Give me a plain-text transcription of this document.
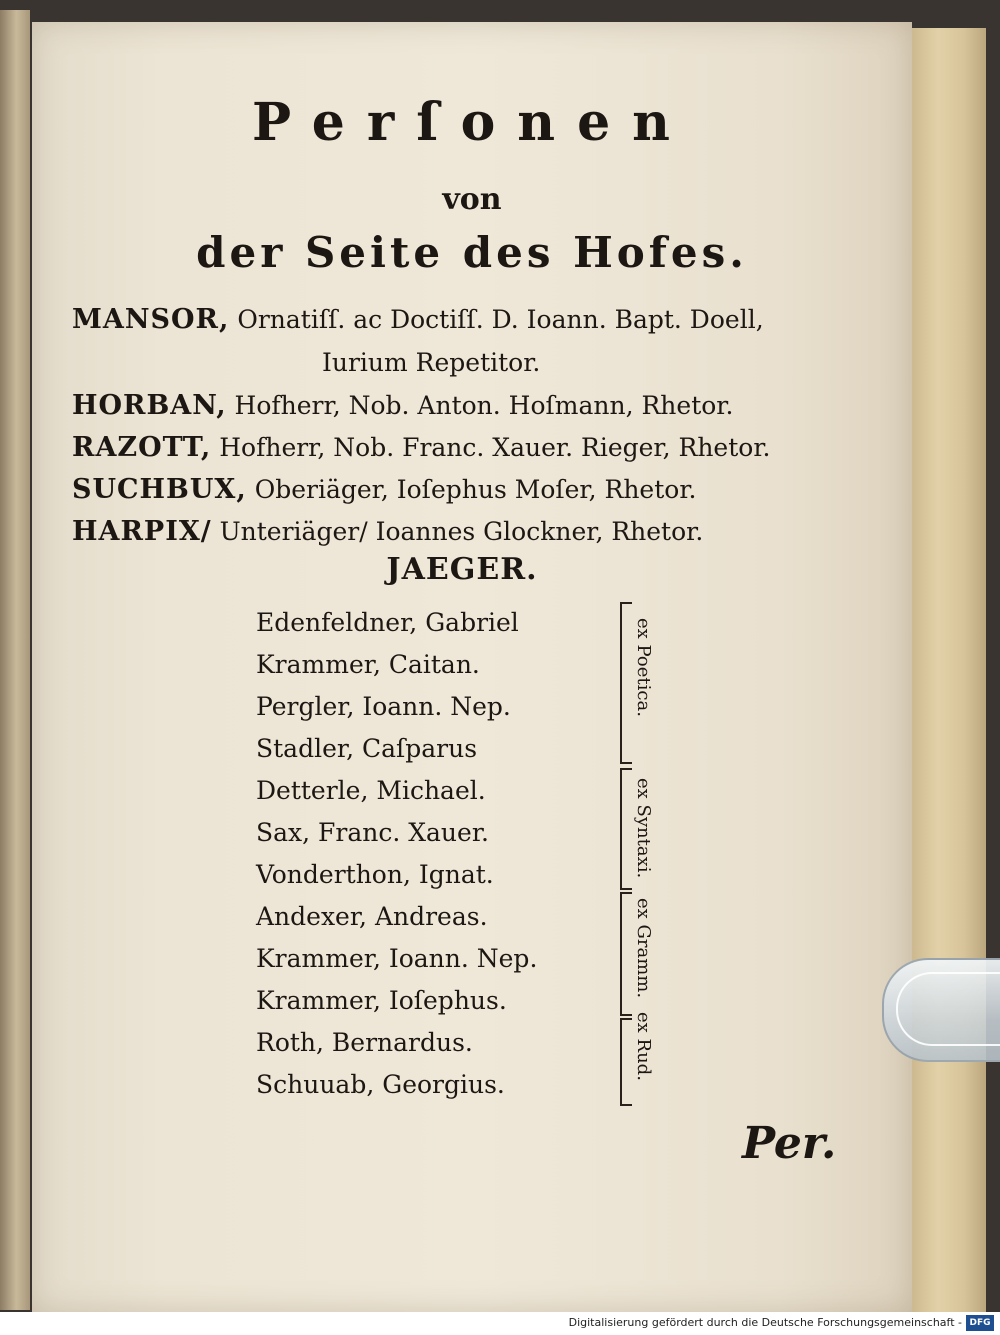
Perſonen
von
der Seite des Hofes.
MANSOR, Ornatiſſ. ac Doctiſſ. D. Ioann. Bapt. Doell,
Iurium Repetitor.
HORBAN, Hofherr, Nob. Anton. Hoſmann, Rhetor.
RAZOTT, Hofherr, Nob. Franc. Xauer. Rieger, Rhetor.
SUCHBUX, Oberiäger, Ioſephus Moſer, Rhetor.
HARPIX/ Unteriäger/ Ioannes Glockner, Rhetor.
JAEGER.
Edenfeldner, Gabriel
Krammer, Caitan.
Pergler, Ioann. Nep.
Stadler, Caſparus
Detterle, Michael.
Sax, Franc. Xauer.
Vonderthon, Ignat.
Andexer, Andreas.
Krammer, Ioann. Nep.
Krammer, Ioſephus.
Roth, Bernardus.
Schuuab, Georgius.
ex Poetica.
ex Syntaxi.
ex Gramm.
ex Rud.
Per.
Digitalisierung gefördert durch die Deutsche Forschungsgemeinschaft - DFG
